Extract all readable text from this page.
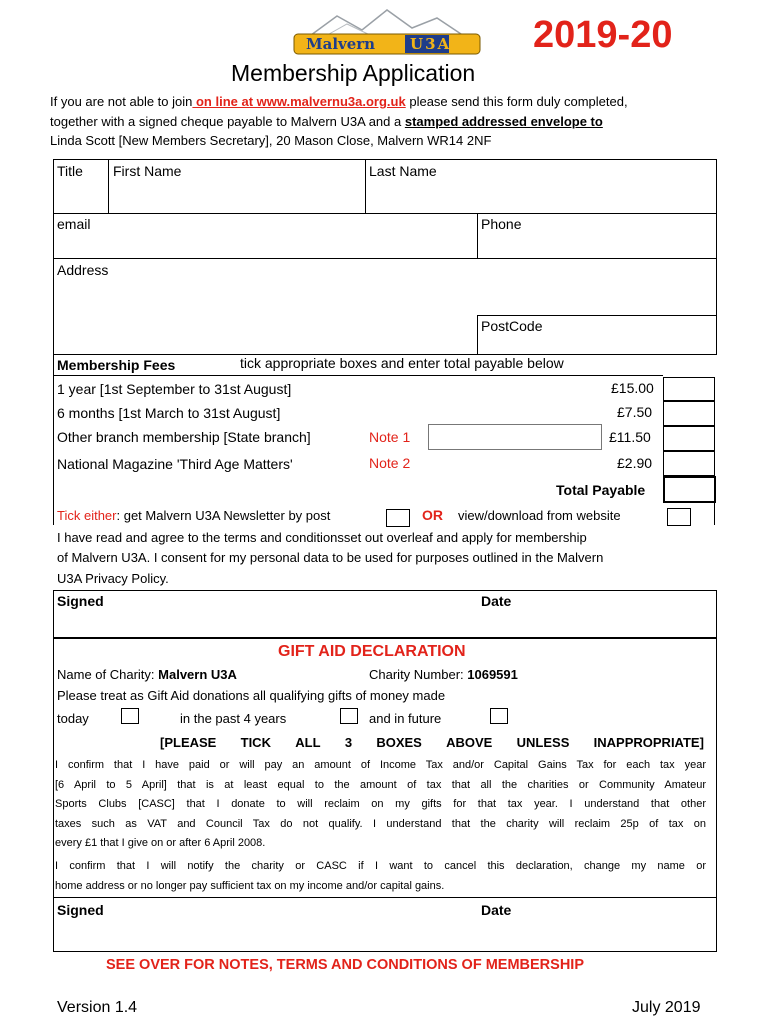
Malvern U3A 2019-20
Membership Application
If you are not able to join on line at www.malvernu3a.org.uk please send this form duly completed,
together with a signed cheque payable to Malvern U3A and a stamped addressed envelope to
Linda Scott [New Members Secretary], 20 Mason Close, Malvern WR14 2NF
Title First Name	Last Name
email	Phone
Address
PostCode
Membership Fees	tick appropriate boxes and enter total payable below
1 year [1st September to 31st August]	£15.00
6 months [1st March to 31st August]	£7.50
Other branch membership [State branch]	Note 1	£11.50
National Magazine 'Third Age Matters'	Note 2	£2.90
Total Payable
Tick either: get Malvern U3A Newsletter by post	OR view/download from website
I have read and agree to the terms and conditionsset out overleaf and apply for membership
of Malvern U3A. I consent for my personal data to be used for purposes outlined in the Malvern
U3A Privacy Policy.
Signed	Date
GIFT AID DECLARATION
Name of Charity: Malvern U3A	Charity Number: 1069591
Please treat as Gift Aid donations all qualifying gifts of money made
today	in the past 4 years	and in future
[PLEASE TICK ALL 3 BOXES ABOVE UNLESS INAPPROPRIATE]
I confirm that I have paid or will pay an amount of Income Tax and/or Capital Gains Tax for each tax year
[6 April to 5 April] that is at least equal to the amount of tax that all the charities or Community Amateur
Sports Clubs [CASC] that I donate to will reclaim on my gifts for that tax year. I understand that other
taxes such as VAT and Council Tax do not qualify. I understand that the charity will reclaim 25p of tax on
every £1 that I give on or after 6 April 2008.
I confirm that I will notify the charity or CASC if I want to cancel this declaration, change my name or
home address or no longer pay sufficient tax on my income and/or capital gains.
Signed	Date
SEE OVER FOR NOTES, TERMS AND CONDITIONS OF MEMBERSHIP
Version 1.4	July 2019
